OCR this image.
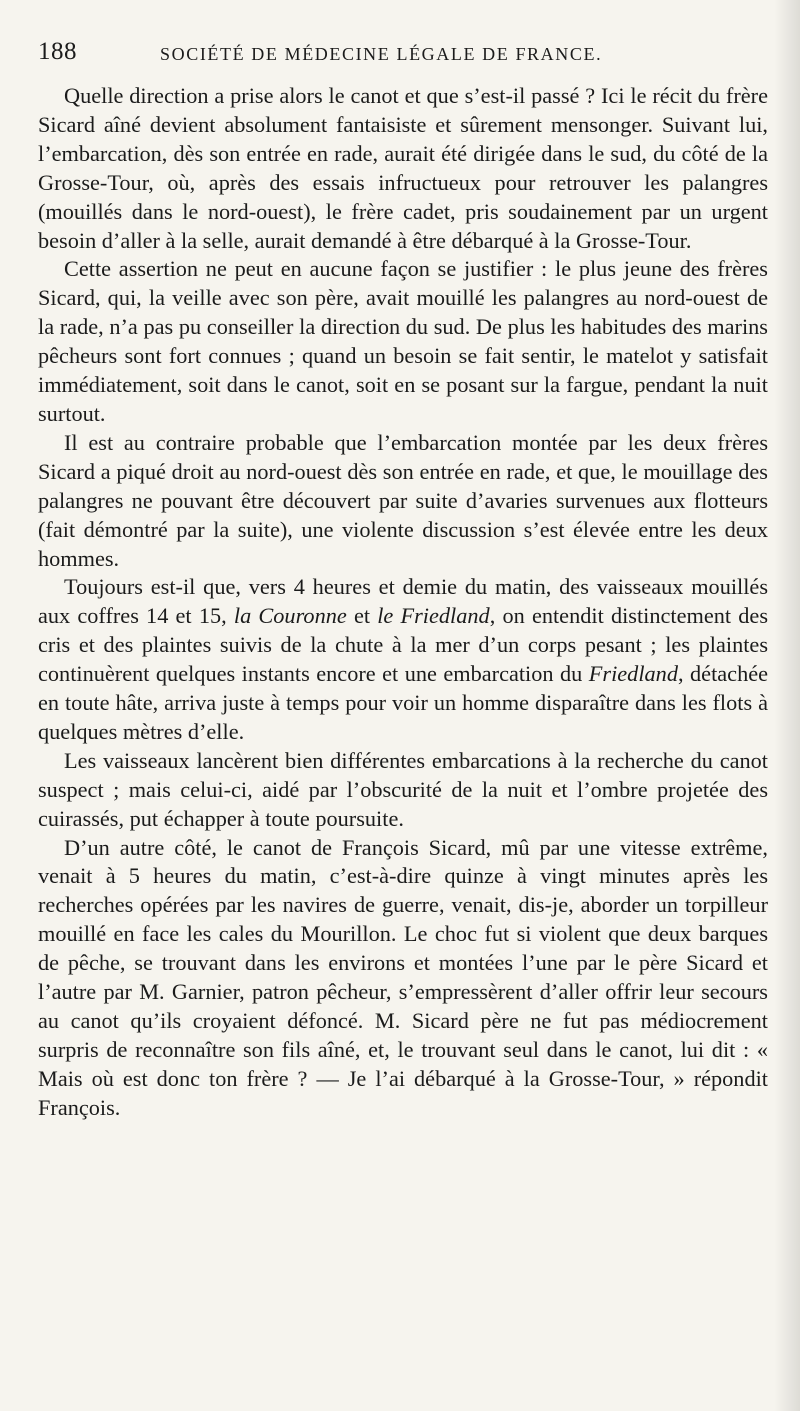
188	SOCIÉTÉ DE MÉDECINE LÉGALE DE FRANCE.

Quelle direction a prise alors le canot et que s’est-il passé ? Ici le récit du frère Sicard aîné devient absolument fantaisiste et sûrement mensonger. Suivant lui, l’embarcation, dès son entrée en rade, aurait été dirigée dans le sud, du côté de la Grosse-Tour, où, après des essais infructueux pour retrouver les palangres (mouillés dans le nord-ouest), le frère cadet, pris soudainement par un urgent besoin d’aller à la selle, aurait demandé à être débarqué à la Grosse-Tour.

Cette assertion ne peut en aucune façon se justifier : le plus jeune des frères Sicard, qui, la veille avec son père, avait mouillé les palangres au nord-ouest de la rade, n’a pas pu conseiller la direction du sud. De plus les habitudes des marins pêcheurs sont fort connues ; quand un besoin se fait sentir, le matelot y satisfait immédiatement, soit dans le canot, soit en se posant sur la fargue, pendant la nuit surtout.

Il est au contraire probable que l’embarcation montée par les deux frères Sicard a piqué droit au nord-ouest dès son entrée en rade, et que, le mouillage des palangres ne pouvant être découvert par suite d’avaries survenues aux flotteurs (fait démontré par la suite), une violente discussion s’est élevée entre les deux hommes.

Toujours est-il que, vers 4 heures et demie du matin, des vaisseaux mouillés aux coffres 14 et 15, la Couronne et le Friedland, on entendit distinctement des cris et des plaintes suivis de la chute à la mer d’un corps pesant ; les plaintes continuèrent quelques instants encore et une embarcation du Friedland, détachée en toute hâte, arriva juste à temps pour voir un homme disparaître dans les flots à quelques mètres d’elle.

Les vaisseaux lancèrent bien différentes embarcations à la recherche du canot suspect ; mais celui-ci, aidé par l’obscurité de la nuit et l’ombre projetée des cuirassés, put échapper à toute poursuite.

D’un autre côté, le canot de François Sicard, mû par une vitesse extrême, venait à 5 heures du matin, c’est-à-dire quinze à vingt minutes après les recherches opérées par les navires de guerre, venait, dis-je, aborder un torpilleur mouillé en face les cales du Mourillon. Le choc fut si violent que deux barques de pêche, se trouvant dans les environs et montées l’une par le père Sicard et l’autre par M. Garnier, patron pêcheur, s’empressèrent d’aller offrir leur secours au canot qu’ils croyaient défoncé. M. Sicard père ne fut pas médiocrement surpris de reconnaître son fils aîné, et, le trouvant seul dans le canot, lui dit : « Mais où est donc ton frère ? — Je l’ai débarqué à la Grosse-Tour, » répondit François.
